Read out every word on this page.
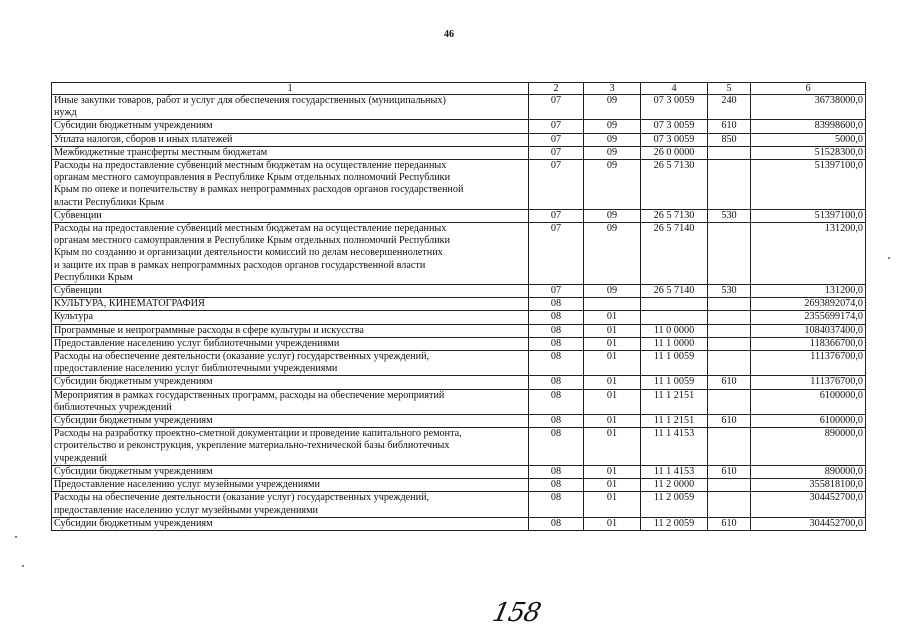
46
1	2	3	4	5	6
Иные закупки товаров, работ и услуг для обеспечения государственных (муниципальных)
нужд	07	09	07 3 0059	240	36738000,0
Субсидии бюджетным учреждениям	07	09	07 3 0059	610	83998600,0
Уплата налогов, сборов и иных платежей	07	09	07 3 0059	850	5000,0
Межбюджетные трансферты местным бюджетам	07	09	26 0 0000		51528300,0
Расходы на предоставление субвенций местным бюджетам на осуществление переданных
органам местного самоуправления в Республике Крым отдельных полномочий Республики
Крым по опеке и попечительству в рамках непрограммных расходов органов государственной
власти Республики Крым	07	09	26 5 7130		51397100,0
Субвенции	07	09	26 5 7130	530	51397100,0
Расходы на предоставление субвенций местным бюджетам на осуществление переданных
органам местного самоуправления в Республике Крым отдельных полномочий Республики
Крым по созданию и организации деятельности комиссий по делам несовершеннолетних
и защите их прав в рамках непрограммных расходов органов государственной власти
Республики Крым	07	09	26 5 7140		131200,0
Субвенции	07	09	26 5 7140	530	131200,0
КУЛЬТУРА, КИНЕМАТОГРАФИЯ	08				2693892074,0
Культура	08	01			2355699174,0
Программные и непрограммные расходы в сфере культуры и искусства	08	01	11 0 0000		1084037400,0
Предоставление населению услуг библиотечными учреждениями	08	01	11 1 0000		118366700,0
Расходы на обеспечение деятельности (оказание услуг) государственных учреждений,
предоставление населению услуг библиотечными учреждениями	08	01	11 1 0059		111376700,0
Субсидии бюджетным учреждениям	08	01	11 1 0059	610	111376700,0
Мероприятия в рамках государственных программ, расходы на обеспечение мероприятий
библиотечных учреждений	08	01	11 1 2151		6100000,0
Субсидии бюджетным учреждениям	08	01	11 1 2151	610	6100000,0
Расходы на разработку проектно-сметной документации и проведение капитального ремонта,
строительство и реконструкция, укрепление материально-технической базы библиотечных
учреждений	08	01	11 1 4153		890000,0
Субсидии бюджетным учреждениям	08	01	11 1 4153	610	890000,0
Предоставление населению услуг музейными учреждениями	08	01	11 2 0000		355818100,0
Расходы на обеспечение деятельности (оказание услуг) государственных учреждений,
предоставление населению услуг музейными учреждениями	08	01	11 2 0059		304452700,0
Субсидии бюджетным учреждениям	08	01	11 2 0059	610	304452700,0
158
